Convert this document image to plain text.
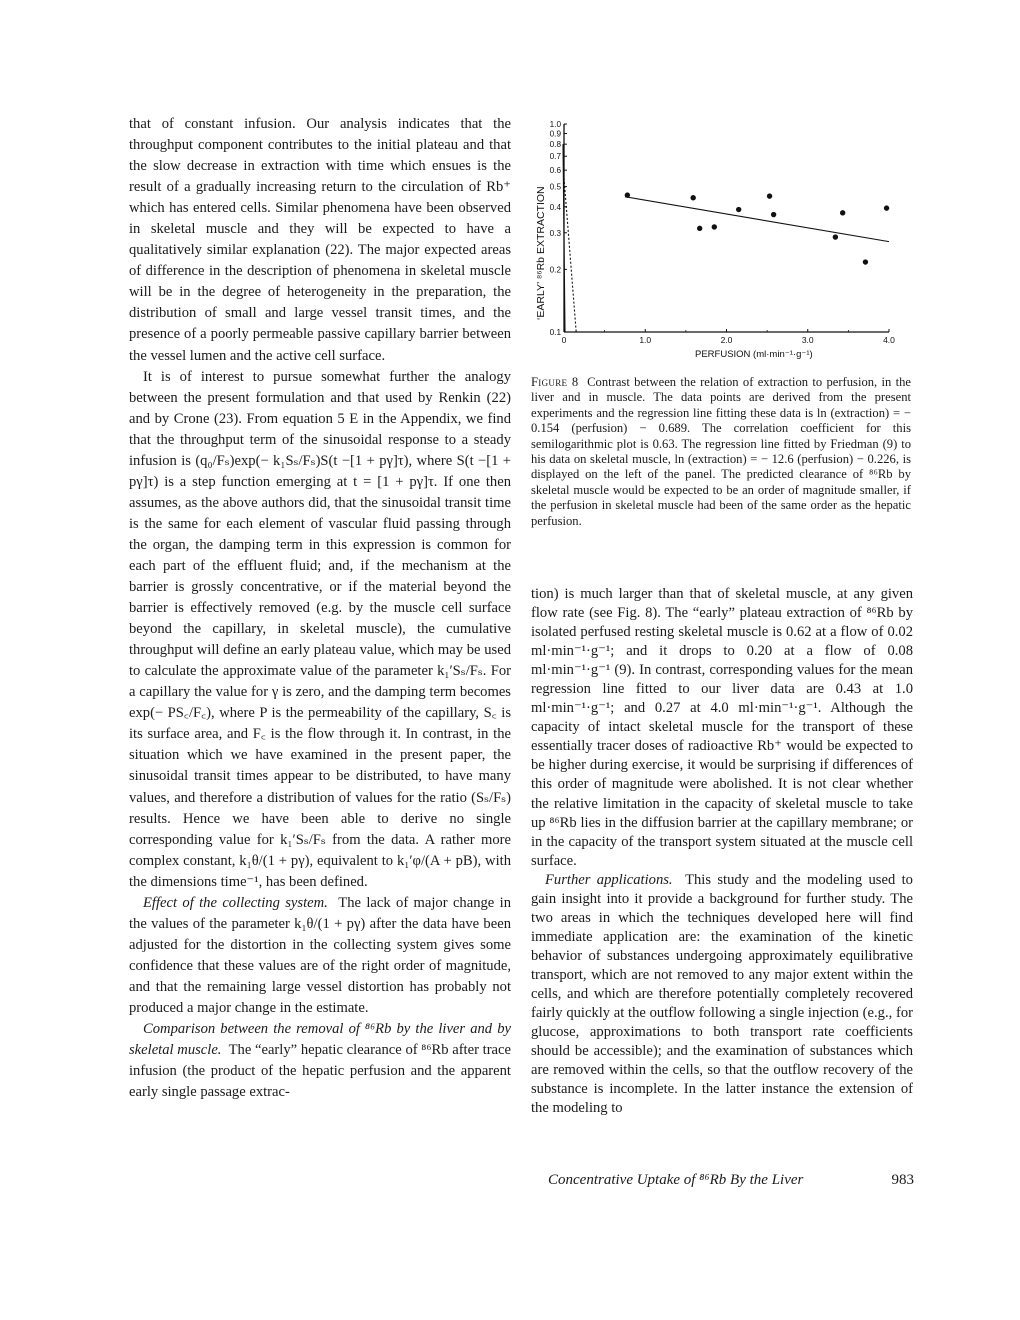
0.1
0.2
0.3
0.4
0.5
0.6
0.7
0.8
0.9
1.0
0	1.0	2.0	3.0	4.0
‘EARLY’ ⁸⁶Rb EXTRACTION
PERFUSION (ml·min⁻¹·g⁻¹)
Figure 8 Contrast between the relation of extraction to perfusion, in the liver and in muscle. The data points are derived from the present experiments and the regression line fitting these data is ln (extraction) = − 0.154 (perfusion) − 0.689. The correlation coefficient for this semilogarithmic plot is 0.63. The regression line fitted by Friedman (9) to his data on skeletal muscle, ln (extraction) = − 12.6 (perfusion) − 0.226, is displayed on the left of the panel. The predicted clearance of ⁸⁶Rb by skeletal muscle would be expected to be an order of magnitude smaller, if the perfusion in skeletal muscle had been of the same order as the hepatic perfusion.

that of constant infusion. Our analysis indicates that the throughput component contributes to the initial plateau and that the slow decrease in extraction with time which ensues is the result of a gradually increasing return to the circulation of Rb⁺ which has entered cells. Similar phenomena have been observed in skeletal muscle and they will be expected to have a qualitatively similar explanation (22). The major expected areas of difference in the description of phenomena in skeletal muscle will be in the degree of heterogeneity in the preparation, the distribution of small and large vessel transit times, and the presence of a poorly permeable passive capillary barrier between the vessel lumen and the active cell surface.

It is of interest to pursue somewhat further the analogy between the present formulation and that used by Renkin (22) and by Crone (23). From equation 5 E in the Appendix, we find that the throughput term of the sinusoidal response to a steady infusion is (q₀/Fₛ)exp(− k₁Sₛ/Fₛ)S(t −[1 + pγ]τ), where S(t −[1 + pγ]τ) is a step function emerging at t = [1 + pγ]τ. If one then assumes, as the above authors did, that the sinusoidal transit time is the same for each element of vascular fluid passing through the organ, the damping term in this expression is common for each part of the effluent fluid; and, if the mechanism at the barrier is grossly concentrative, or if the material beyond the barrier is effectively removed (e.g. by the muscle cell surface beyond the capillary, in skeletal muscle), the cumulative throughput will define an early plateau value, which may be used to calculate the approximate value of the parameter k₁′Sₛ/Fₛ. For a capillary the value for γ is zero, and the damping term becomes exp(− PS꜀/F꜀), where P is the permeability of the capillary, S꜀ is its surface area, and F꜀ is the flow through it. In contrast, in the situation which we have examined in the present paper, the sinusoidal transit times appear to be distributed, to have many values, and therefore a distribution of values for the ratio (Sₛ/Fₛ) results. Hence we have been able to derive no single corresponding value for k₁′Sₛ/Fₛ from the data. A rather more complex constant, k₁θ/(1 + pγ), equivalent to k₁′φ/(A + pB), with the dimensions time⁻¹, has been defined.

Effect of the collecting system. The lack of major change in the values of the parameter k₁θ/(1 + pγ) after the data have been adjusted for the distortion in the collecting system gives some confidence that these values are of the right order of magnitude, and that the remaining large vessel distortion has probably not produced a major change in the estimate.

Comparison between the removal of ⁸⁶Rb by the liver and by skeletal muscle. The “early” hepatic clearance of ⁸⁶Rb after trace infusion (the product of the hepatic perfusion and the apparent early single passage extrac-

tion) is much larger than that of skeletal muscle, at any given flow rate (see Fig. 8). The “early” plateau extraction of ⁸⁶Rb by isolated perfused resting skeletal muscle is 0.62 at a flow of 0.02 ml·min⁻¹·g⁻¹; and it drops to 0.20 at a flow of 0.08 ml·min⁻¹·g⁻¹ (9). In contrast, corresponding values for the mean regression line fitted to our liver data are 0.43 at 1.0 ml·min⁻¹·g⁻¹; and 0.27 at 4.0 ml·min⁻¹·g⁻¹. Although the capacity of intact skeletal muscle for the transport of these essentially tracer doses of radioactive Rb⁺ would be expected to be higher during exercise, it would be surprising if differences of this order of magnitude were abolished. It is not clear whether the relative limitation in the capacity of skeletal muscle to take up ⁸⁶Rb lies in the diffusion barrier at the capillary membrane; or in the capacity of the transport system situated at the muscle cell surface.

Further applications. This study and the modeling used to gain insight into it provide a background for further study. The two areas in which the techniques developed here will find immediate application are: the examination of the kinetic behavior of substances undergoing approximately equilibrative transport, which are not removed to any major extent within the cells, and which are therefore potentially completely recovered fairly quickly at the outflow following a single injection (e.g., for glucose, approximations to both transport rate coefficients should be accessible); and the examination of substances which are removed within the cells, so that the outflow recovery of the substance is incomplete. In the latter instance the extension of the modeling to

Concentrative Uptake of ⁸⁶Rb By the Liver	983
